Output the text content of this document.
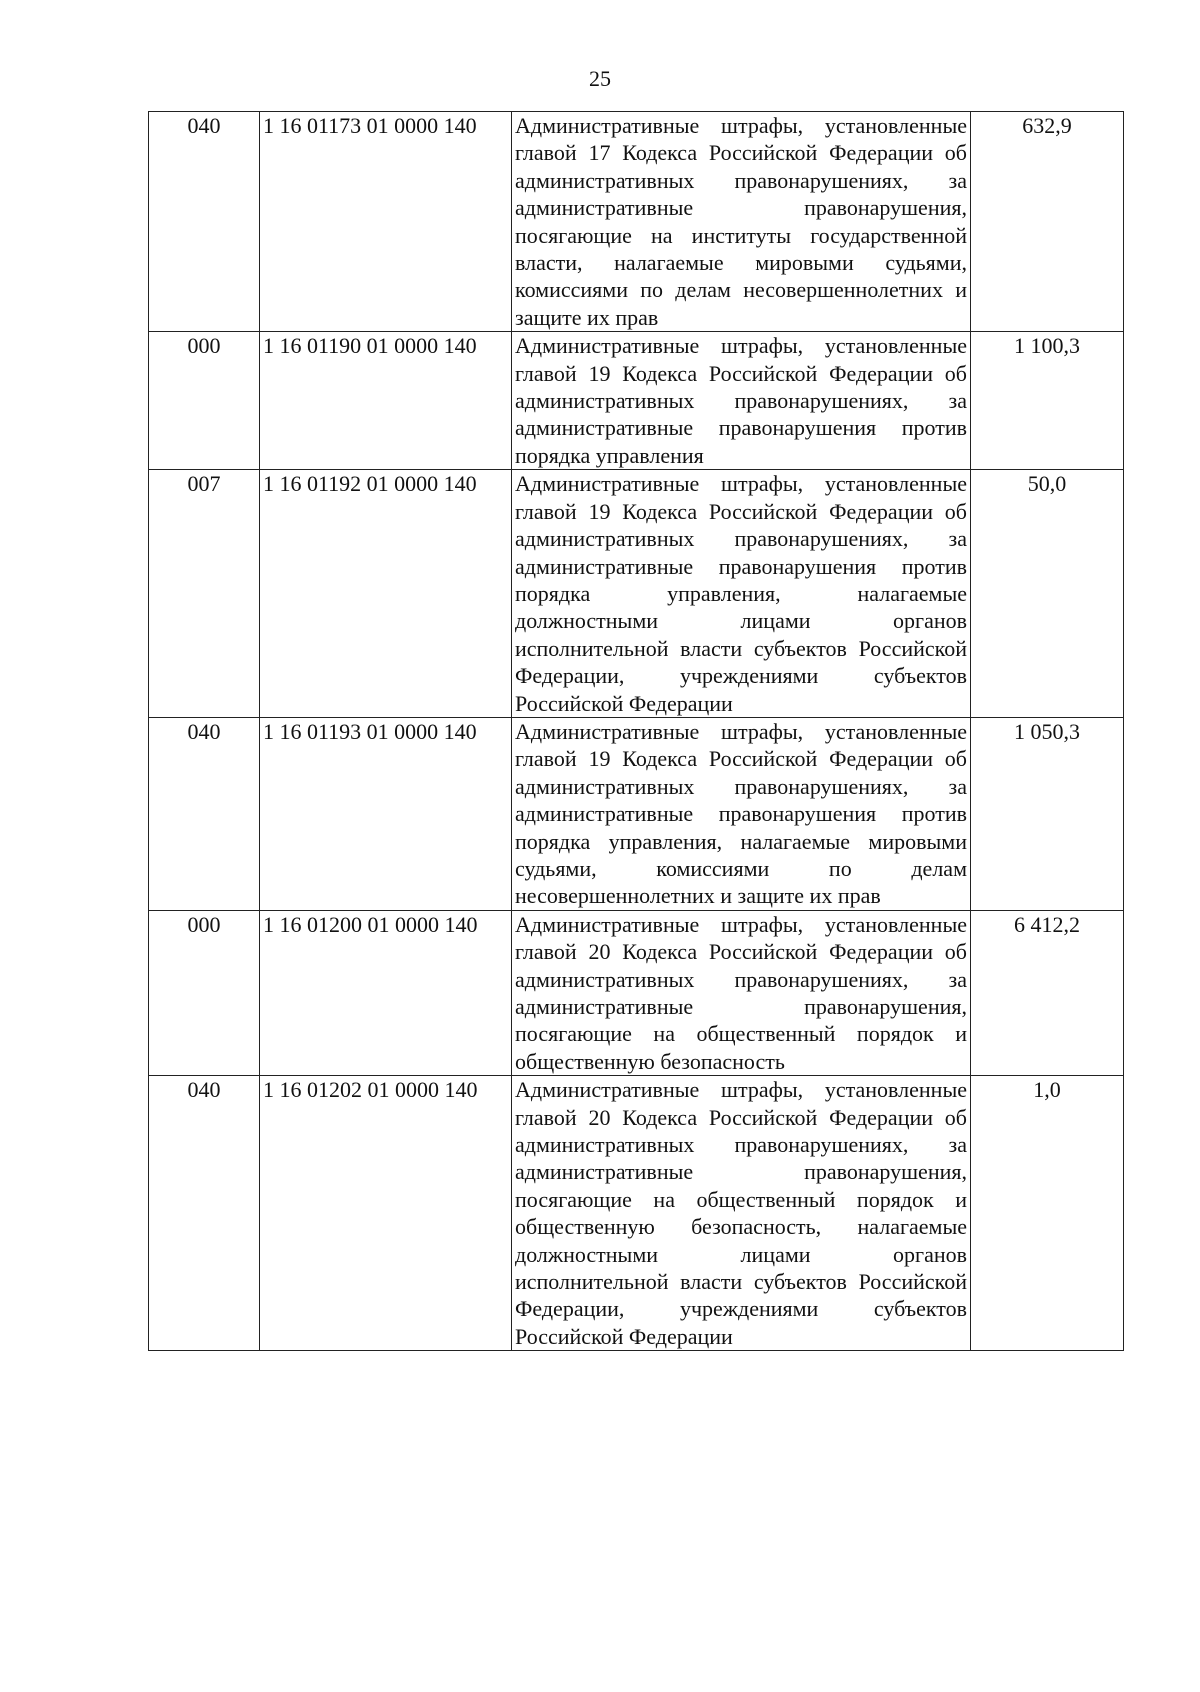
25
040	1 16 01173 01 0000 140	Административные штрафы, установленные главой 17 Кодекса Российской Федерации об административных правонарушениях, за административные правонарушения, посягающие на институты государственной власти, налагаемые мировыми судьями, комиссиями по делам несовершеннолетних и защите их прав	632,9
000	1 16 01190 01 0000 140	Административные штрафы, установленные главой 19 Кодекса Российской Федерации об административных правонарушениях, за административные правонарушения против порядка управления	1 100,3
007	1 16 01192 01 0000 140	Административные штрафы, установленные главой 19 Кодекса Российской Федерации об административных правонарушениях, за административные правонарушения против порядка управления, налагаемые должностными лицами органов исполнительной власти субъектов Российской Федерации, учреждениями субъектов Российской Федерации	50,0
040	1 16 01193 01 0000 140	Административные штрафы, установленные главой 19 Кодекса Российской Федерации об административных правонарушениях, за административные правонарушения против порядка управления, налагаемые мировыми судьями, комиссиями по делам несовершеннолетних и защите их прав	1 050,3
000	1 16 01200 01 0000 140	Административные штрафы, установленные главой 20 Кодекса Российской Федерации об административных правонарушениях, за административные правонарушения, посягающие на общественный порядок и общественную безопасность	6 412,2
040	1 16 01202 01 0000 140	Административные штрафы, установленные главой 20 Кодекса Российской Федерации об административных правонарушениях, за административные правонарушения, посягающие на общественный порядок и общественную безопасность, налагаемые должностными лицами органов исполнительной власти субъектов Российской Федерации, учреждениями субъектов Российской Федерации	1,0
